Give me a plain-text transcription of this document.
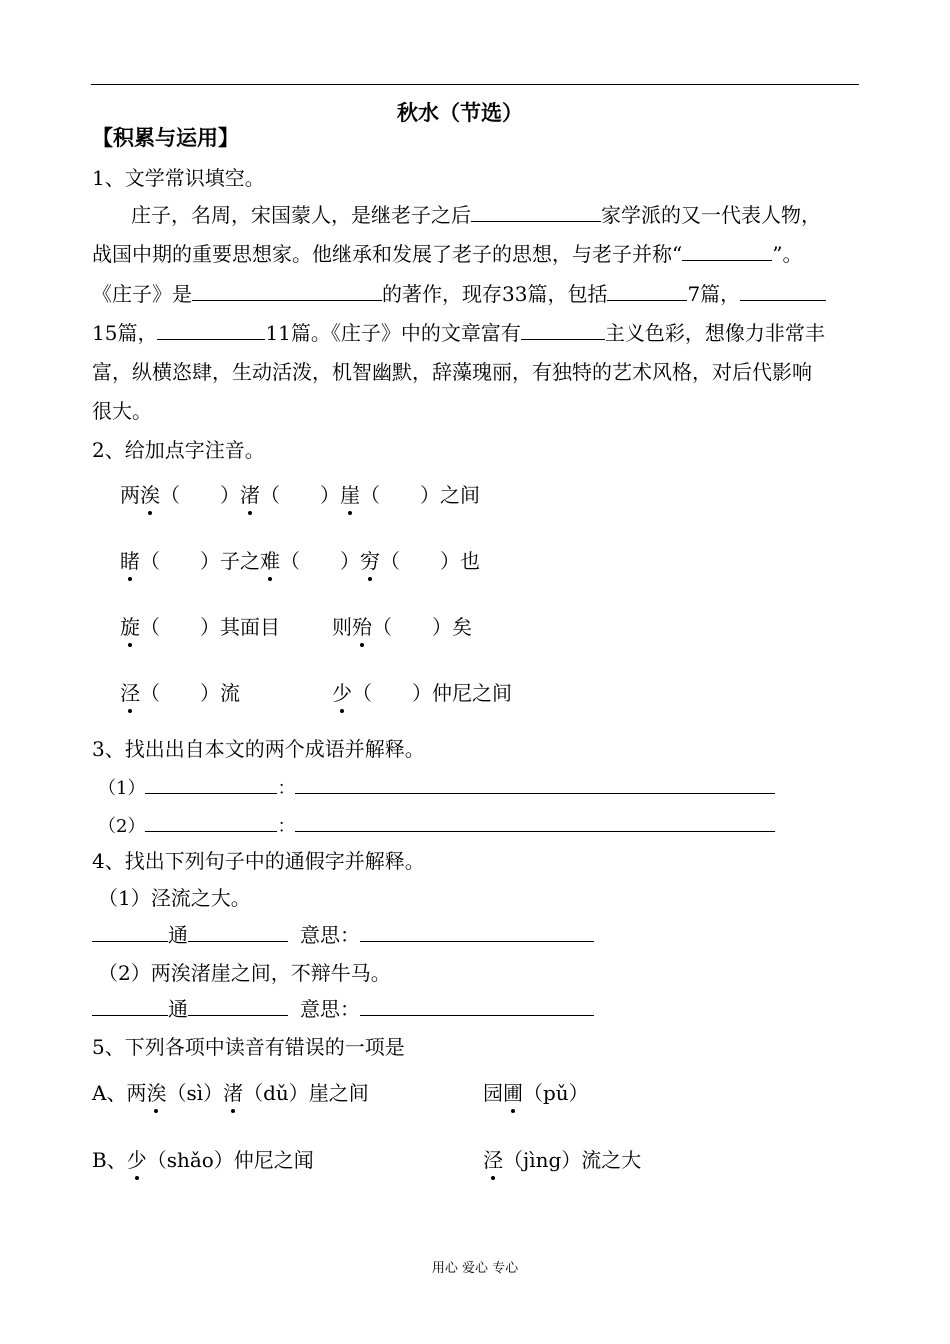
秋水（节选）
【积累与运用】
1、文学常识填空。
庄子，名周，宋国蒙人，是继老子之后	家学派的又一代表人物，
战国中期的重要思想家。他继承和发展了老子的思想，与老子并称“	”。
《庄子》是	的著作，现存33篇，包括	7篇，
15篇，	11篇。《庄子》中的文章富有	主义色彩，想像力非常丰
富，纵横恣肆，生动活泼，机智幽默，辞藻瑰丽，有独特的艺术风格，对后代影响
很大。
2、给加点字注音。
两涘（　　）渚（　　）崖（　　）之间
睹（　　）子之难（　　）穷（　　）也
旋（　　）其面目	则殆（　　）矣
泾（　　）流	少（　　）仲尼之间
3、找出出自本文的两个成语并解释。
（1）	：
（2）	：
4、找出下列句子中的通假字并解释。
（1）泾流之大。
通	意思：
（2）两涘渚崖之间，不辩牛马。
通	意思：
5、下列各项中读音有错误的一项是
A、两涘（sì）渚（dǔ）崖之间	园圃（pǔ）
B、少（shǎo）仲尼之闻	泾（jìng）流之大
用心 爱心 专心
